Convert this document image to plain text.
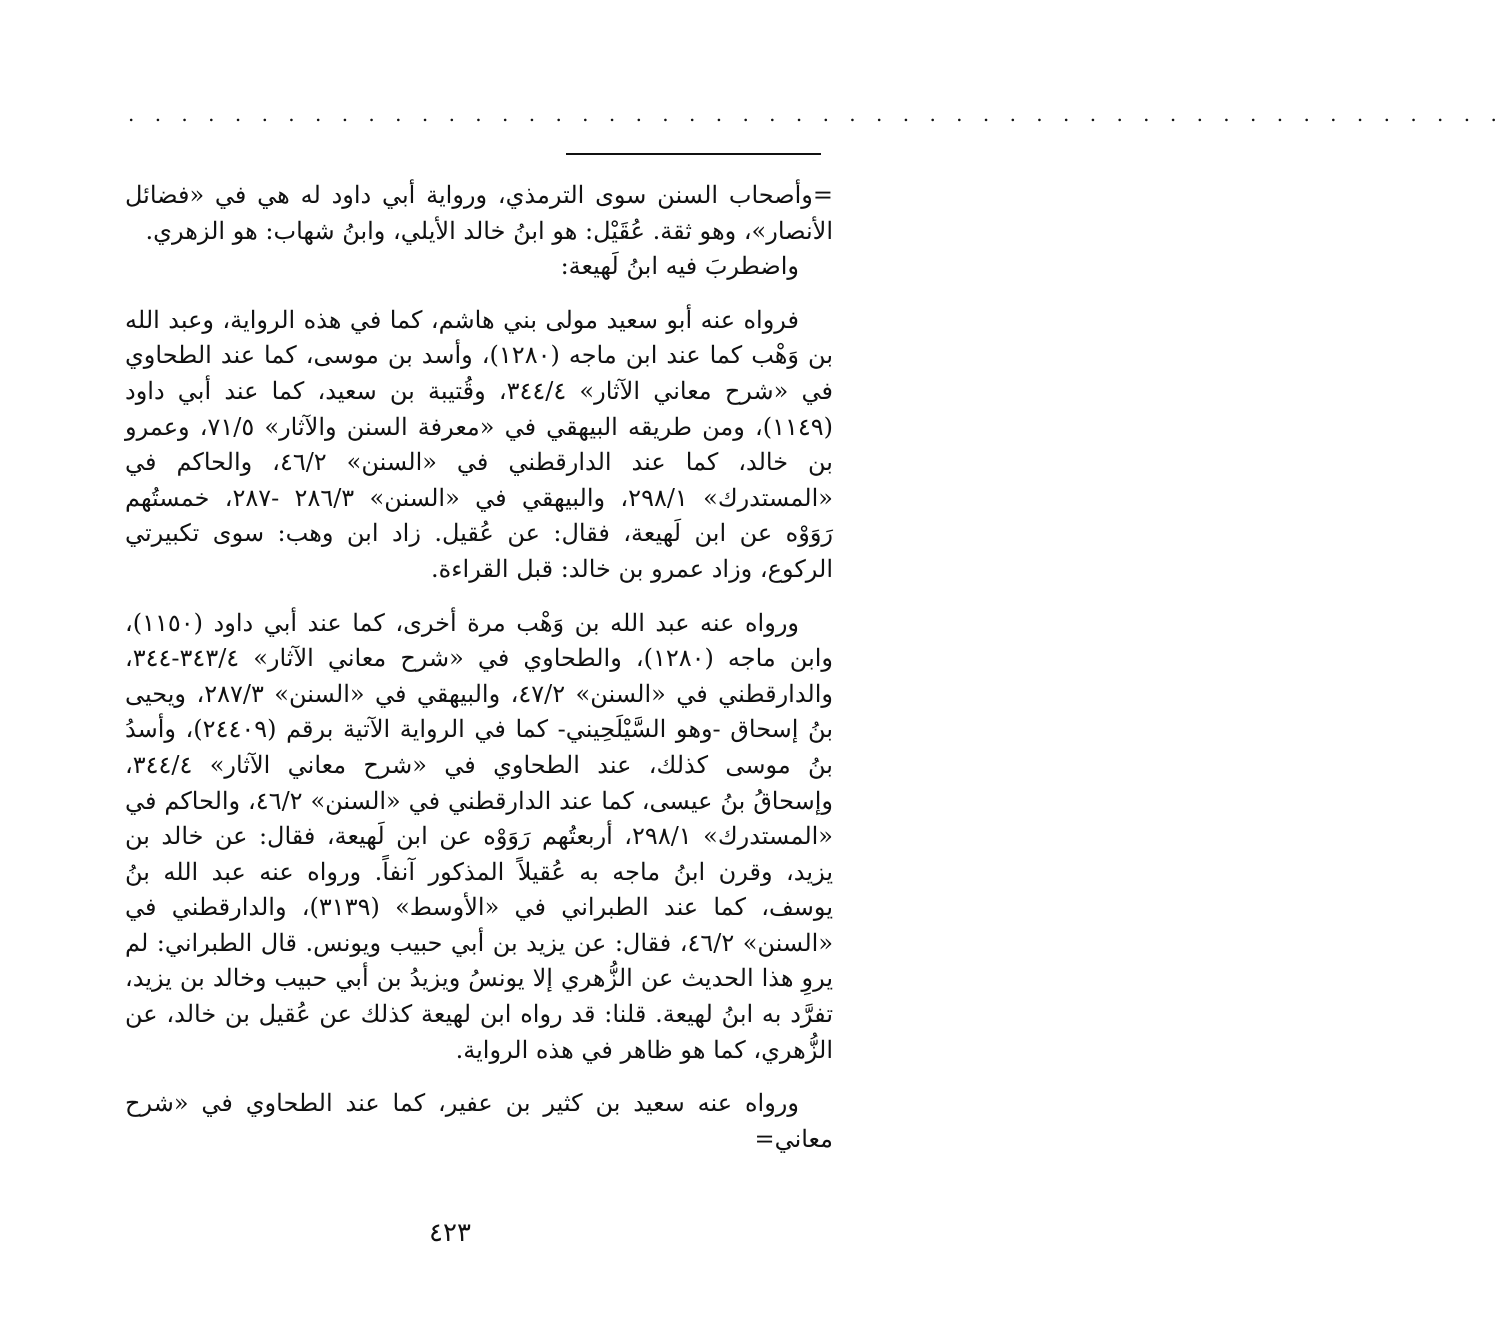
. . . . . . . . . . . . . . . . . . . . . . . . . . . . . . . . . . . . . . . . . . . . . . . . . . . .

=وأصحاب السنن سوى الترمذي، ورواية أبي داود له هي في «فضائل الأنصار»، وهو ثقة. عُقَيْل: هو ابنُ خالد الأيلي، وابنُ شهاب: هو الزهري.

واضطربَ فيه ابنُ لَهيعة:

فرواه عنه أبو سعيد مولى بني هاشم، كما في هذه الرواية، وعبد الله بن وَهْب كما عند ابن ماجه (١٢٨٠)، وأسد بن موسى، كما عند الطحاوي في «شرح معاني الآثار» ٣٤٤/٤، وقُتيبة بن سعيد، كما عند أبي داود (١١٤٩)، ومن طريقه البيهقي في «معرفة السنن والآثار» ٧١/٥، وعمرو بن خالد، كما عند الدارقطني في «السنن» ٤٦/٢، والحاكم في «المستدرك» ٢٩٨/١، والبيهقي في «السنن» ٢٨٦/٣ -٢٨٧، خمستُهم رَوَوْه عن ابن لَهيعة، فقال: عن عُقيل. زاد ابن وهب: سوى تكبيرتي الركوع، وزاد عمرو بن خالد: قبل القراءة.

ورواه عنه عبد الله بن وَهْب مرة أخرى، كما عند أبي داود (١١٥٠)، وابن ماجه (١٢٨٠)، والطحاوي في «شرح معاني الآثار» ٣٤٣/٤-٣٤٤، والدارقطني في «السنن» ٤٧/٢، والبيهقي في «السنن» ٢٨٧/٣، ويحيى بنُ إسحاق -وهو السَّيْلَحِيني- كما في الرواية الآتية برقم (٢٤٤٠٩)، وأسدُ بنُ موسى كذلك، عند الطحاوي في «شرح معاني الآثار» ٣٤٤/٤، وإسحاقُ بنُ عيسى، كما عند الدارقطني في «السنن» ٤٦/٢، والحاكم في «المستدرك» ٢٩٨/١، أربعتُهم رَوَوْه عن ابن لَهيعة، فقال: عن خالد بن يزيد، وقرن ابنُ ماجه به عُقيلاً المذكور آنفاً. ورواه عنه عبد الله بنُ يوسف، كما عند الطبراني في «الأوسط» (٣١٣٩)، والدارقطني في «السنن» ٤٦/٢، فقال: عن يزيد بن أبي حبيب ويونس. قال الطبراني: لم يروِ هذا الحديث عن الزُّهري إلا يونسُ ويزيدُ بن أبي حبيب وخالد بن يزيد، تفرَّد به ابنُ لهيعة. قلنا: قد رواه ابن لهيعة كذلك عن عُقيل بن خالد، عن الزُّهري، كما هو ظاهر في هذه الرواية.

ورواه عنه سعيد بن كثير بن عفير، كما عند الطحاوي في «شرح معاني=

٤٢٣
